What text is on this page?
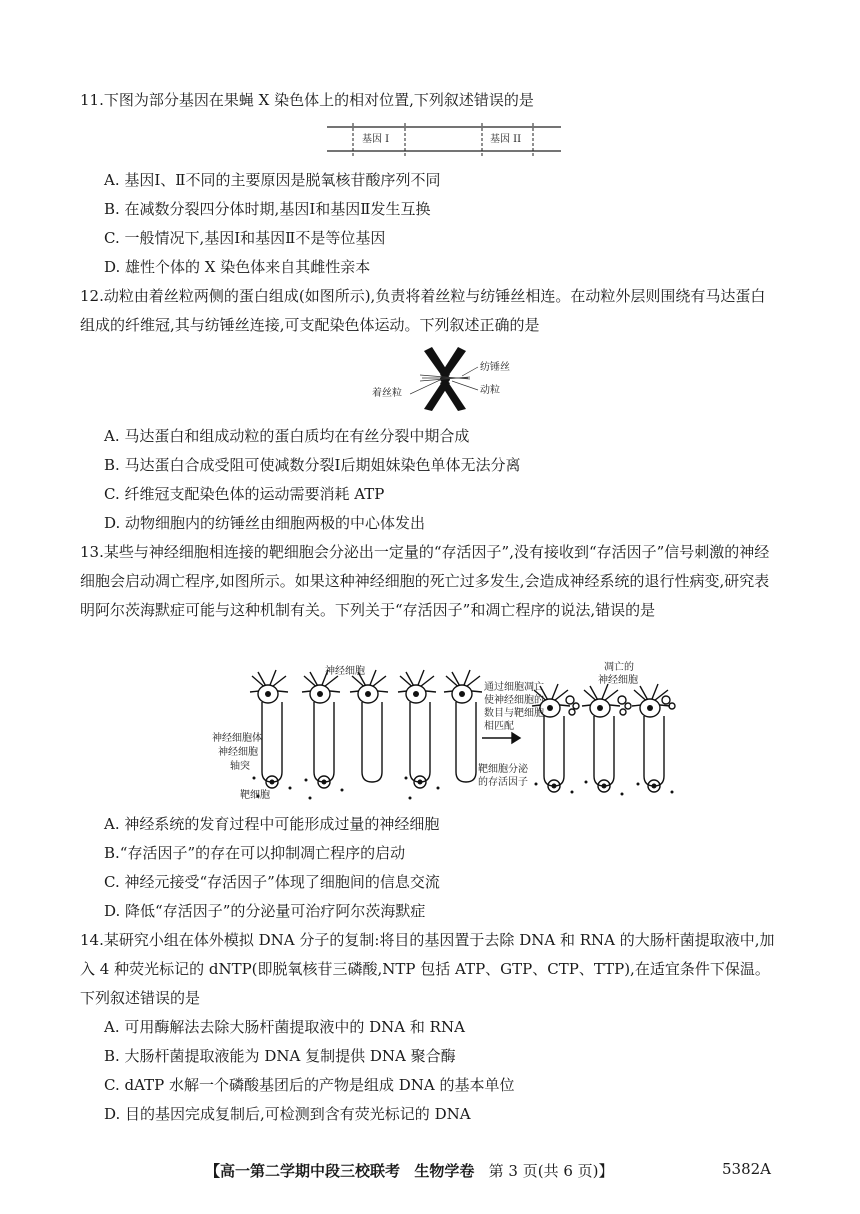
11.下图为部分基因在果蝇 X 染色体上的相对位置,下列叙述错误的是
基因 I	基因 II
A. 基因Ⅰ、Ⅱ不同的主要原因是脱氧核苷酸序列不同
B. 在减数分裂四分体时期,基因Ⅰ和基因Ⅱ发生互换
C. 一般情况下,基因Ⅰ和基因Ⅱ不是等位基因
D. 雄性个体的 X 染色体来自其雌性亲本
12.动粒由着丝粒两侧的蛋白组成(如图所示),负责将着丝粒与纺锤丝相连。在动粒外层则围绕有马达蛋白组成的纤维冠,其与纺锤丝连接,可支配染色体运动。下列叙述正确的是
纺锤丝
动粒
着丝粒
A. 马达蛋白和组成动粒的蛋白质均在有丝分裂中期合成
B. 马达蛋白合成受阻可使减数分裂Ⅰ后期姐妹染色单体无法分离
C. 纤维冠支配染色体的运动需要消耗 ATP
D. 动物细胞内的纺锤丝由细胞两极的中心体发出
13.某些与神经细胞相连接的靶细胞会分泌出一定量的“存活因子”,没有接收到“存活因子”信号刺激的神经细胞会启动凋亡程序,如图所示。如果这种神经细胞的死亡过多发生,会造成神经系统的退行性病变,研究表明阿尔茨海默症可能与这种机制有关。下列关于“存活因子”和凋亡程序的说法,错误的是
神经细胞
神经细胞体
神经细胞
轴突
靶细胞
通过细胞凋亡
使神经细胞的
数目与靶细胞
相匹配
靶细胞分泌
的存活因子
凋亡的
神经细胞
A. 神经系统的发育过程中可能形成过量的神经细胞
B.“存活因子”的存在可以抑制凋亡程序的启动
C. 神经元接受“存活因子”体现了细胞间的信息交流
D. 降低“存活因子”的分泌量可治疗阿尔茨海默症
14.某研究小组在体外模拟 DNA 分子的复制:将目的基因置于去除 DNA 和 RNA 的大肠杆菌提取液中,加入 4 种荧光标记的 dNTP(即脱氧核苷三磷酸,NTP 包括 ATP、GTP、CTP、TTP),在适宜条件下保温。下列叙述错误的是
A. 可用酶解法去除大肠杆菌提取液中的 DNA 和 RNA
B. 大肠杆菌提取液能为 DNA 复制提供 DNA 聚合酶
C. dATP 水解一个磷酸基团后的产物是组成 DNA 的基本单位
D. 目的基因完成复制后,可检测到含有荧光标记的 DNA
【高一第二学期中段三校联考 生物学卷 第 3 页(共 6 页)】	5382A
